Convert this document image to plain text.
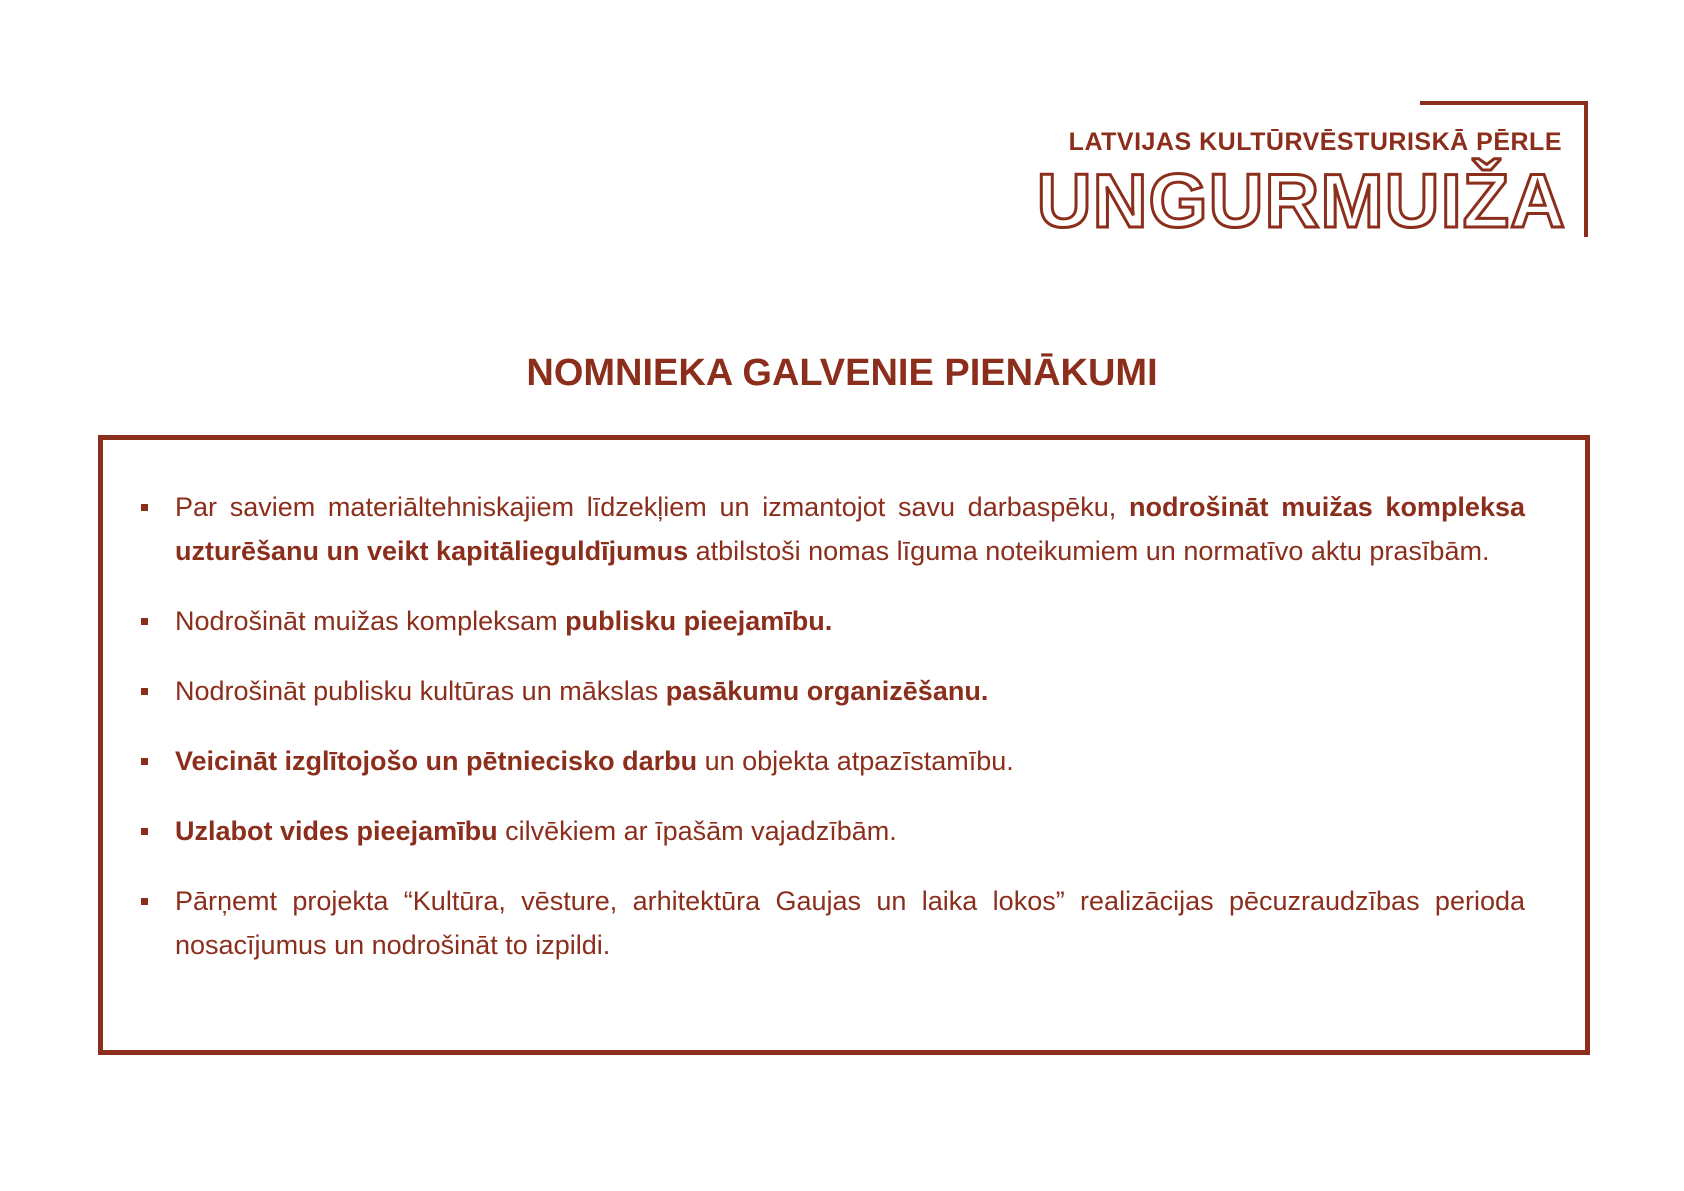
LATVIJAS KULTŪRVĒSTURISKĀ PĒRLE
UNGURMUIŽA
NOMNIEKA GALVENIE PIENĀKUMI
Par saviem materiāltehniskajiem līdzekļiem un izmantojot savu darbaspēku, nodrošināt muižas kompleksa uzturēšanu un veikt kapitālieguldījumus atbilstoši nomas līguma noteikumiem un normatīvo aktu prasībām.
Nodrošināt muižas kompleksam publisku pieejamību.
Nodrošināt publisku kultūras un mākslas pasākumu organizēšanu.
Veicināt izglītojošo un pētniecisko darbu un objekta atpazīstamību.
Uzlabot vides pieejamību cilvēkiem ar īpašām vajadzībām.
Pārņemt projekta “Kultūra, vēsture, arhitektūra Gaujas un laika lokos” realizācijas pēcuzraudzības perioda nosacījumus un nodrošināt to izpildi.
